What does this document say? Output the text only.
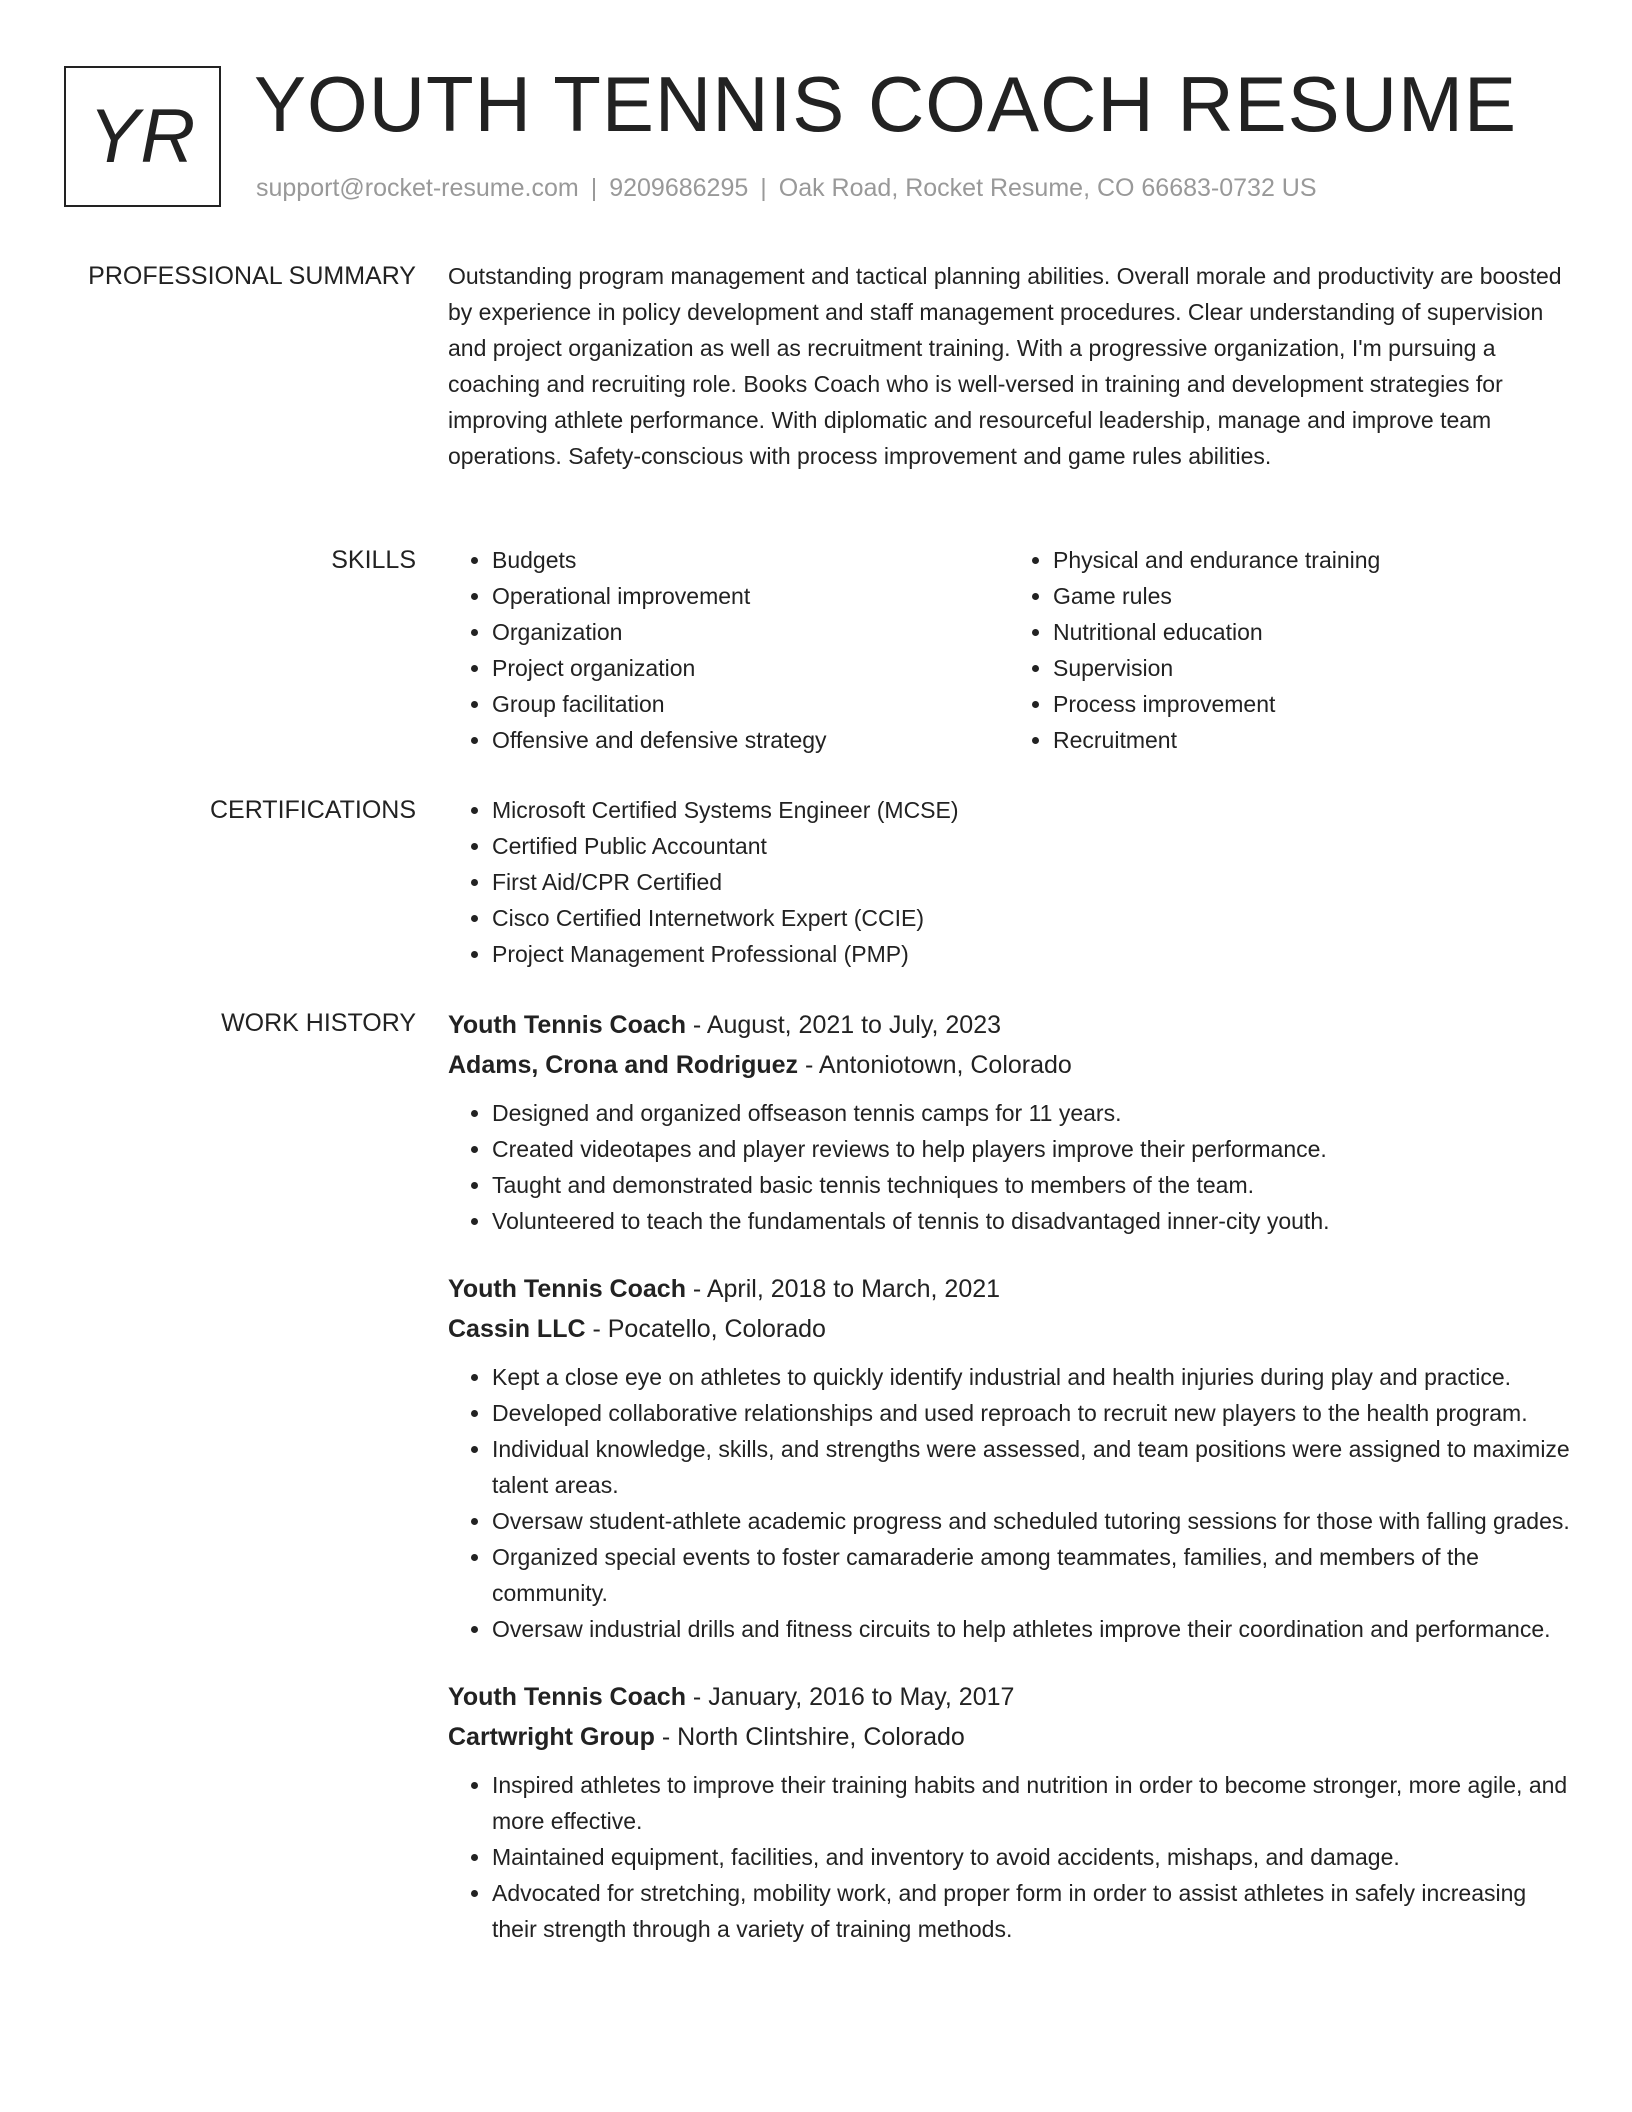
YR YOUTH TENNIS COACH RESUME
support@rocket-resume.com | 9209686295 | Oak Road, Rocket Resume, CO 66683-0732 US
PROFESSIONAL SUMMARY Outstanding program management and tactical planning abilities. Overall morale and productivity are boosted by experience in policy development and staff management procedures. Clear understanding of supervision and project organization as well as recruitment training. With a progressive organization, I'm pursuing a coaching and recruiting role. Books Coach who is well-versed in training and development strategies for improving athlete performance. With diplomatic and resourceful leadership, manage and improve team operations. Safety-conscious with process improvement and game rules abilities.

SKILLS	• Budgets
• Operational improvement
• Organization
• Project organization
• Group facilitation
• Offensive and defensive strategy
• Physical and endurance training
• Game rules
• Nutritional education
• Supervision
• Process improvement
• Recruitment
CERTIFICATIONS	• Microsoft Certified Systems Engineer (MCSE)
• Certified Public Accountant
• First Aid/CPR Certified
• Cisco Certified Internetwork Expert (CCIE)
• Project Management Professional (PMP)
WORK HISTORY Youth Tennis Coach - August, 2021 to July, 2023
Adams, Crona and Rodriguez - Antoniotown, Colorado
• Designed and organized offseason tennis camps for 11 years.
• Created videotapes and player reviews to help players improve their performance.
• Taught and demonstrated basic tennis techniques to members of the team.
• Volunteered to teach the fundamentals of tennis to disadvantaged inner-city youth.
Youth Tennis Coach - April, 2018 to March, 2021
Cassin LLC - Pocatello, Colorado
• Kept a close eye on athletes to quickly identify industrial and health injuries during play and practice.
• Developed collaborative relationships and used reproach to recruit new players to the health program.
• Individual knowledge, skills, and strengths were assessed, and team positions were assigned to maximize talent areas.
• Oversaw student-athlete academic progress and scheduled tutoring sessions for those with falling grades.
• Organized special events to foster camaraderie among teammates, families, and members of the community.
• Oversaw industrial drills and fitness circuits to help athletes improve their coordination and performance.
Youth Tennis Coach - January, 2016 to May, 2017
Cartwright Group - North Clintshire, Colorado
• Inspired athletes to improve their training habits and nutrition in order to become stronger, more agile, and more effective.
• Maintained equipment, facilities, and inventory to avoid accidents, mishaps, and damage.
• Advocated for stretching, mobility work, and proper form in order to assist athletes in safely increasing their strength through a variety of training methods.
